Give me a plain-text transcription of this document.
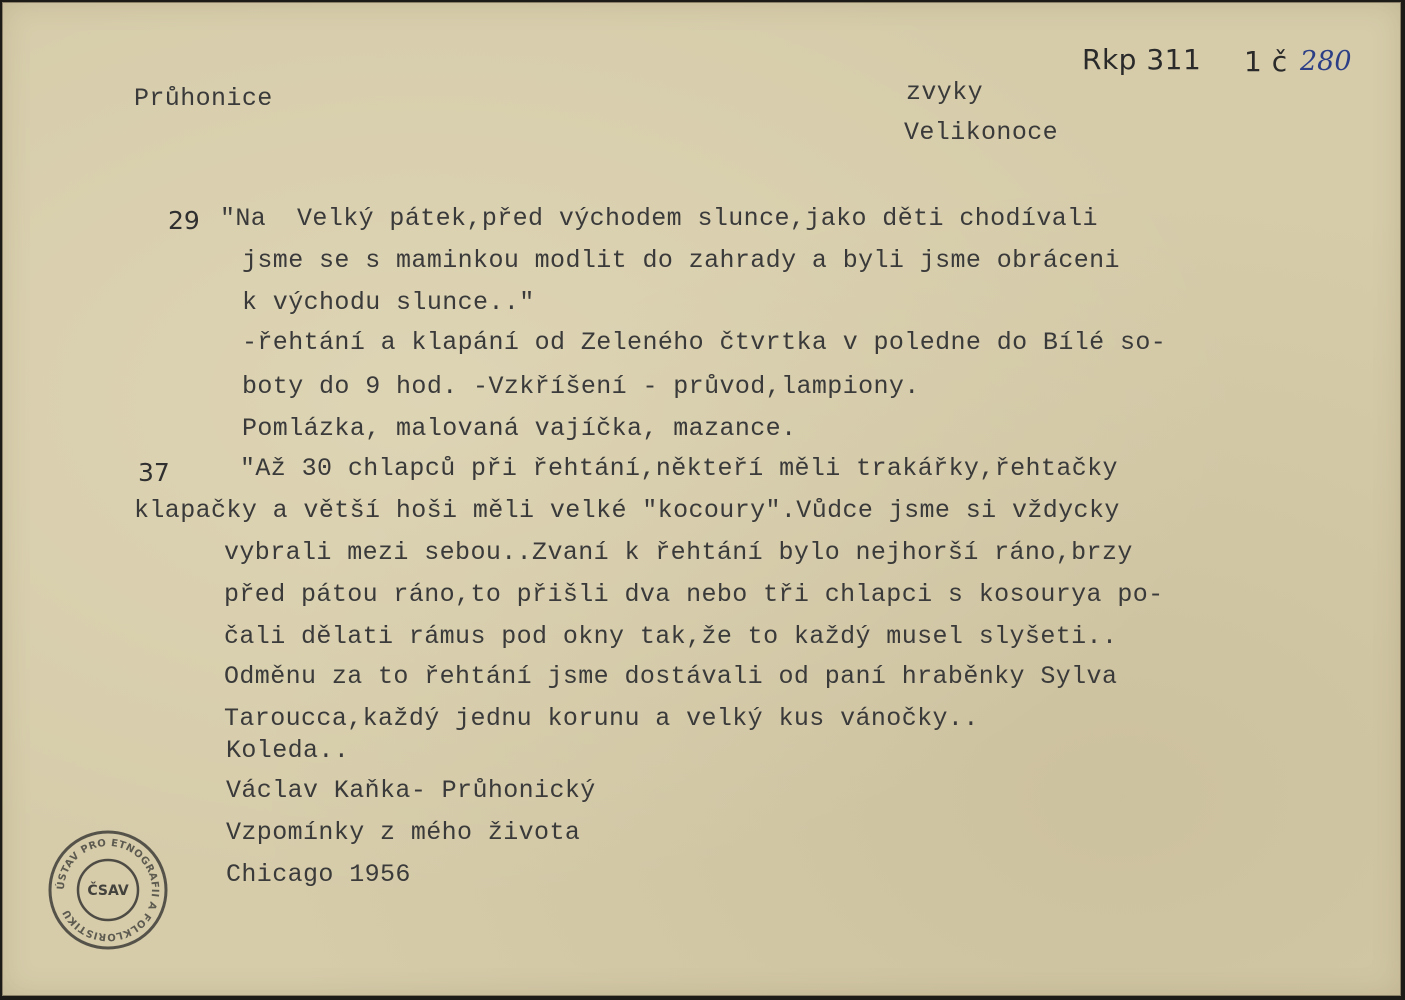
Průhonice	zvyky
Velikonoce
Rkp 311 1 č 280
29 "Na  Velký pátek,před východem slunce,jako děti chodívali
jsme se s maminkou modlit do zahrady a byli jsme obráceni
k východu slunce.."
-řehtání a klapání od Zeleného čtvrtka v poledne do Bílé so-
boty do 9 hod. -Vzkříšení - průvod,lampiony.
Pomlázka, malovaná vajíčka, mazance.
37	"Až 30 chlapců při řehtání,někteří měli trakářky,řehtačky
klapačky a větší hoši měli velké "kocoury".Vůdce jsme si vždycky
vybrali mezi sebou..Zvaní k řehtání bylo nejhorší ráno,brzy
před pátou ráno,to přišli dva nebo tři chlapci s kosourya po-
čali dělati rámus pod okny tak,že to každý musel slyšeti..
Odměnu za to řehtání jsme dostávali od paní hraběnky Sylva
Taroucca,každý jednu korunu a velký kus vánočky..
Koleda..
Václav Kaňka- Průhonický
Vzpomínky z mého života
Chicago 1956
ÚSTAV PRO ETNOGRAFII A FOLKLORISTIKU
ČSAV
